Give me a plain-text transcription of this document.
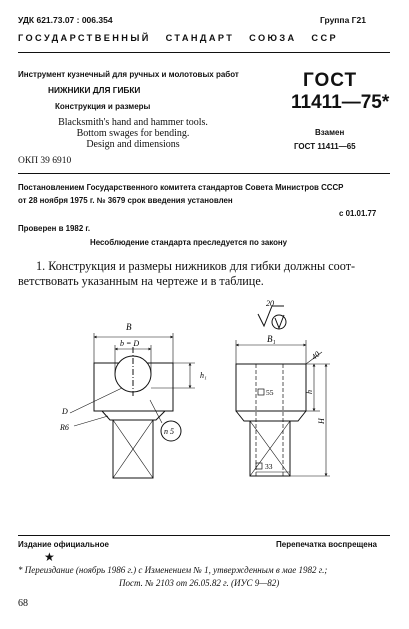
УДК 621.73.07 : 006.354	Группа Г21
ГОСУДАРСТВЕННЫЙ   СТАНДАРТ   СОЮЗА   ССР
Инструмент кузнечный для ручных и молотовых работ
НИЖНИКИ ДЛЯ ГИБКИ
Конструкция и размеры
Blacksmith's hand and hammer tools.
Bottom swages for bending.
Design and dimensions
ОКП 39 6910
ГОСТ
11411—75*
Взамен
ГОСТ 11411—65
Постановлением Государственного комитета стандартов Совета Министров СССР
от 28 ноября 1975 г. № 3679 срок введения установлен
с 01.01.77
Проверен в 1982 г.
Несоблюдение стандарта преследуется по закону
1. Конструкция и размеры нижников для гибки должны соот-
ветствовать указанным на чертеже и в таблице.
20
B
b = D
h₁
D
R6	п 5
B₁
40
h
H
55
33
Издание официальное	Перепечатка воспрещена
★
* Переиздание (ноябрь 1986 г.) с Изменением № 1, утвержденным в мае 1982 г.;
Пост. № 2103 от 26.05.82 г. (ИУС 9—82)
68
